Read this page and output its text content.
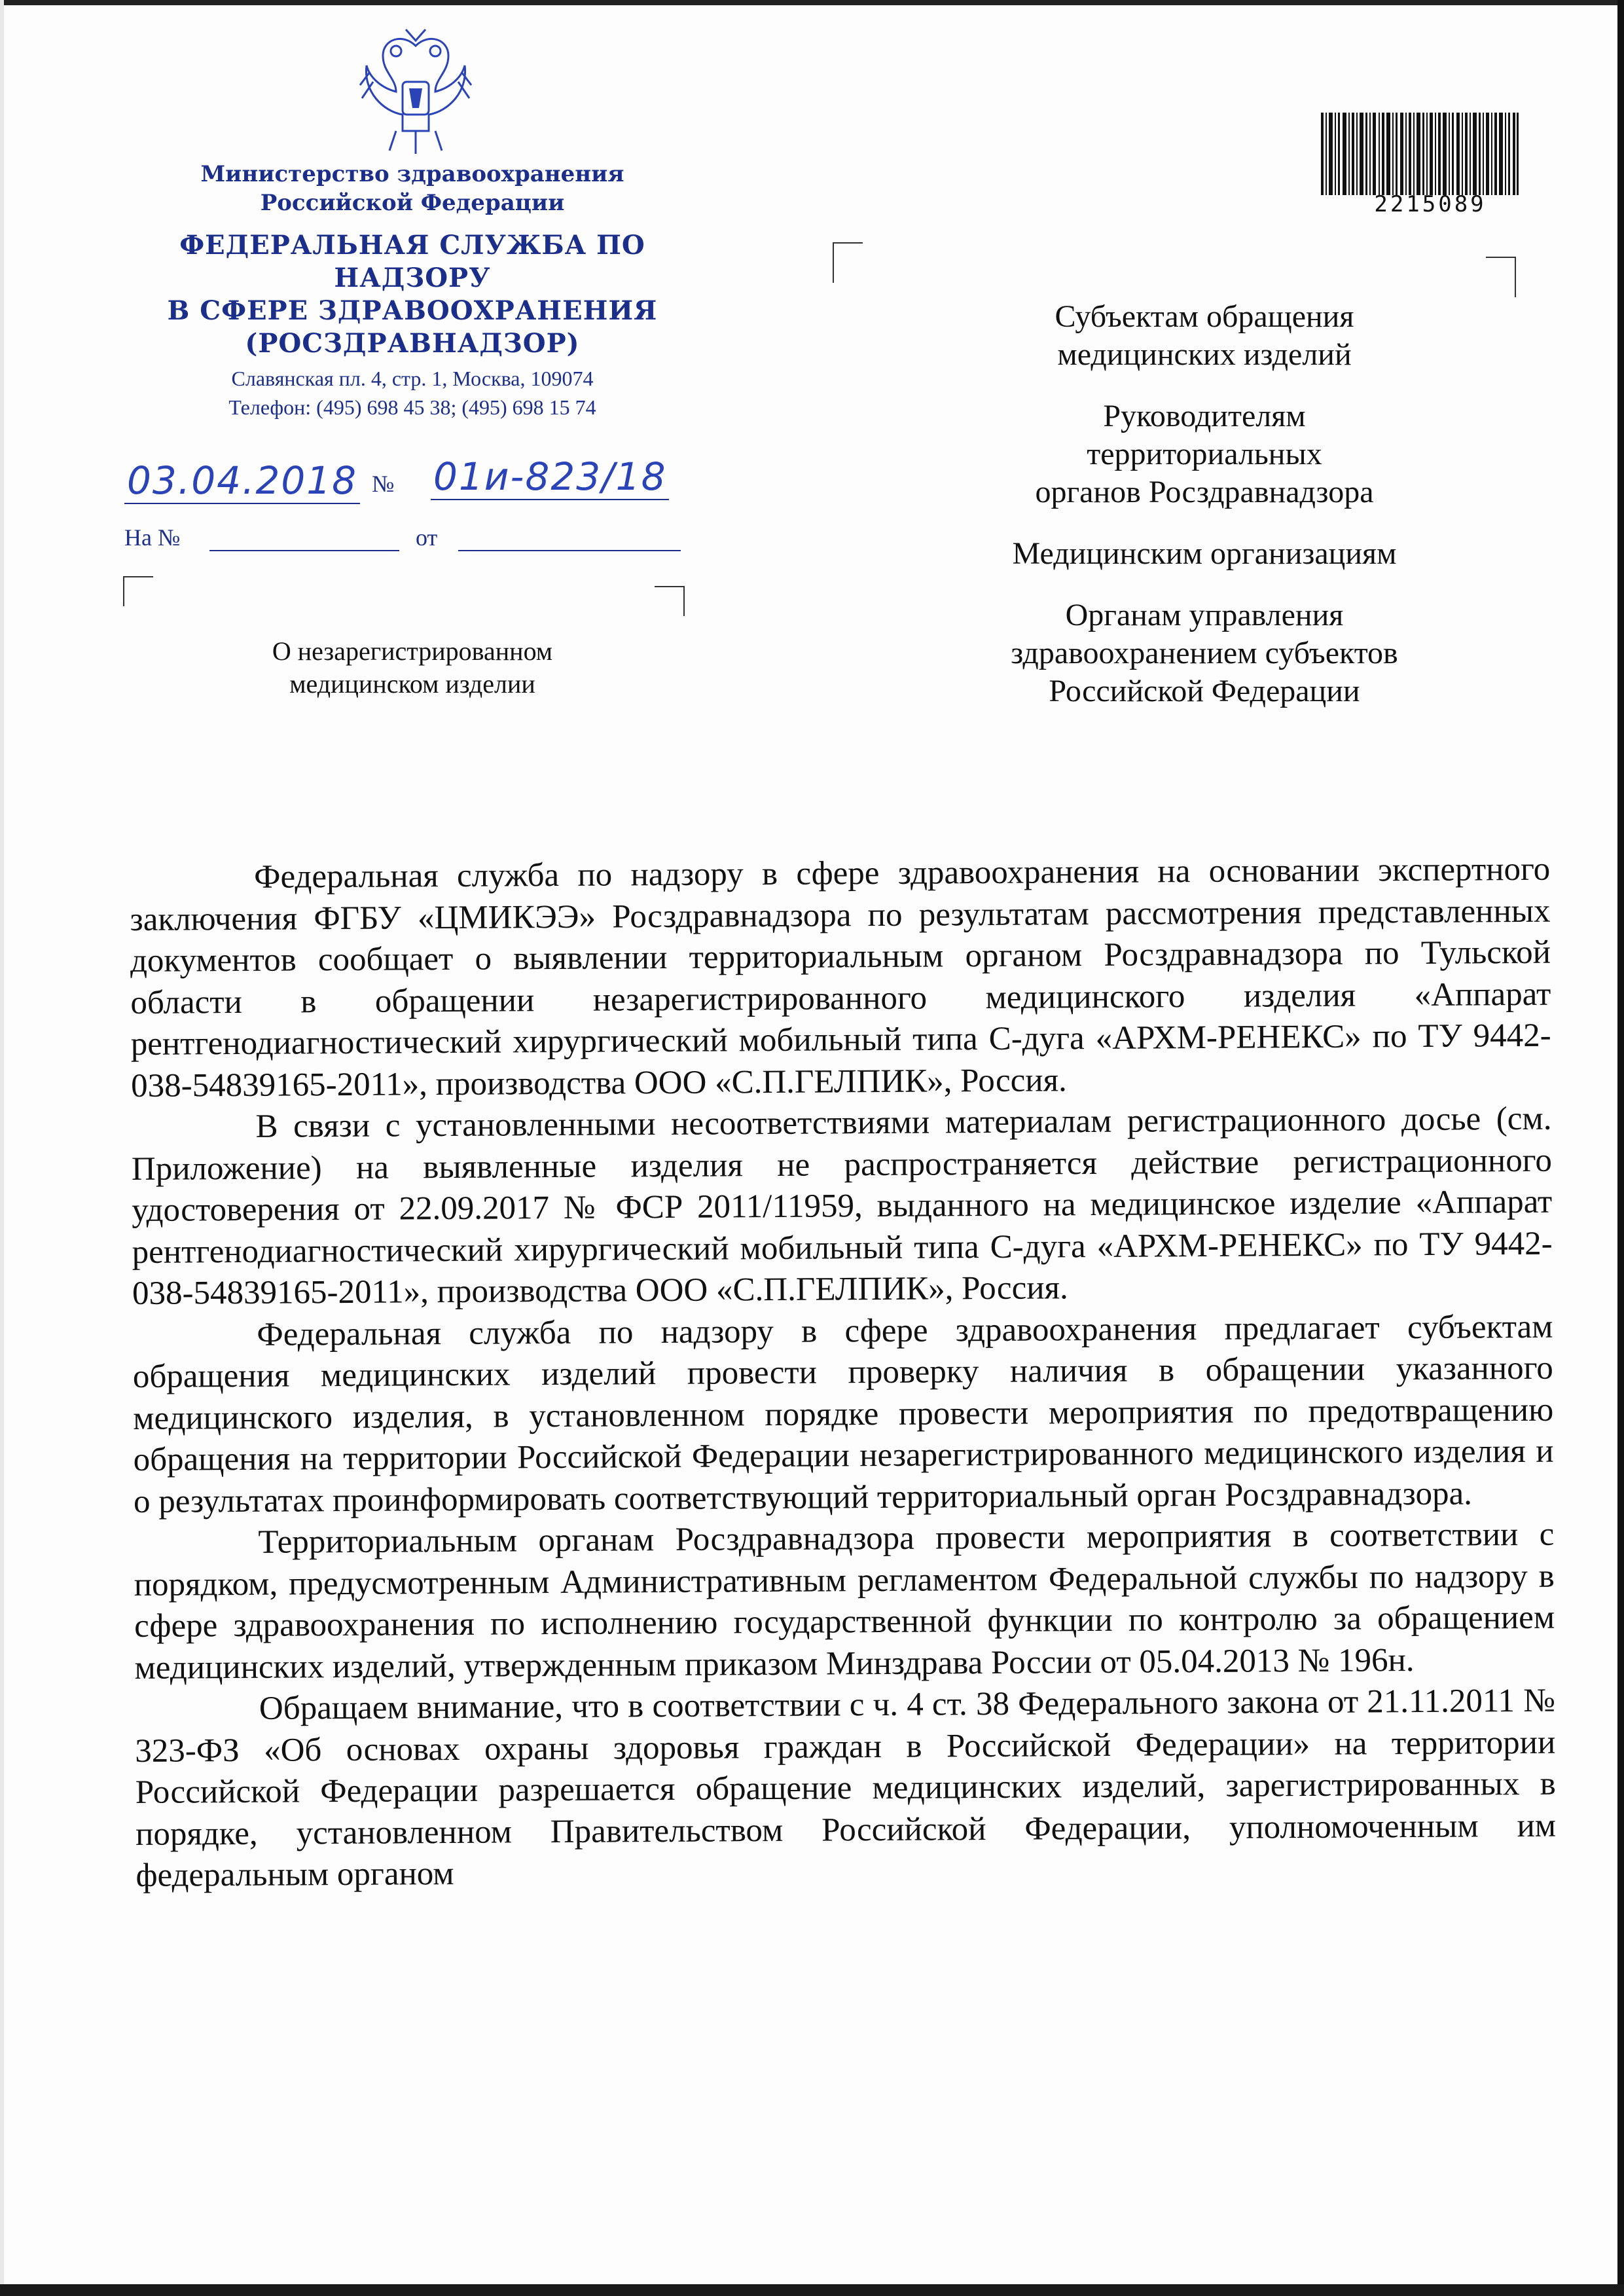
Министерство здравоохранения
Российской Федерации
ФЕДЕРАЛЬНАЯ СЛУЖБА ПО НАДЗОРУ
В СФЕРЕ ЗДРАВООХРАНЕНИЯ
(РОСЗДРАВНАДЗОР)
Славянская пл. 4, стр. 1, Москва, 109074
Телефон: (495) 698 45 38; (495) 698 15 74
03.04.2018 № 01и-823/18
На №	от
О незарегистрированном
медицинском изделии
2215089
Субъектам обращения
медицинских изделий
Руководителям
территориальных
органов Росздравнадзора
Медицинским организациям
Органам управления
здравоохранением субъектов
Российской Федерации

Федеральная служба по надзору в сфере здравоохранения на основании экспертного заключения ФГБУ «ЦМИКЭЭ» Росздравнадзора по результатам рассмотрения представленных документов сообщает о выявлении территориальным органом Росздравнадзора по Тульской области в обращении незарегистрированного медицинского изделия «Аппарат рентгенодиагностический хирургический мобильный типа С-дуга «АРХМ-РЕНЕКС» по ТУ 9442-038-54839165-2011», производства ООО «С.П.ГЕЛПИК», Россия.

В связи с установленными несоответствиями материалам регистрационного досье (см. Приложение) на выявленные изделия не распространяется действие регистрационного удостоверения от 22.09.2017 № ФСР 2011/11959, выданного на медицинское изделие «Аппарат рентгенодиагностический хирургический мобильный типа С-дуга «АРХМ-РЕНЕКС» по ТУ 9442-038-54839165-2011», производства ООО «С.П.ГЕЛПИК», Россия.

Федеральная служба по надзору в сфере здравоохранения предлагает субъектам обращения медицинских изделий провести проверку наличия в обращении указанного медицинского изделия, в установленном порядке провести мероприятия по предотвращению обращения на территории Российской Федерации незарегистрированного медицинского изделия и о результатах проинформировать соответствующий территориальный орган Росздравнадзора.

Территориальным органам Росздравнадзора провести мероприятия в соответствии с порядком, предусмотренным Административным регламентом Федеральной службы по надзору в сфере здравоохранения по исполнению государственной функции по контролю за обращением медицинских изделий, утвержденным приказом Минздрава России от 05.04.2013 № 196н.

Обращаем внимание, что в соответствии с ч. 4 ст. 38 Федерального закона от 21.11.2011 № 323-ФЗ «Об основах охраны здоровья граждан в Российской Федерации» на территории Российской Федерации разрешается обращение медицинских изделий, зарегистрированных в порядке, установленном Правительством Российской Федерации, уполномоченным им федеральным органом
